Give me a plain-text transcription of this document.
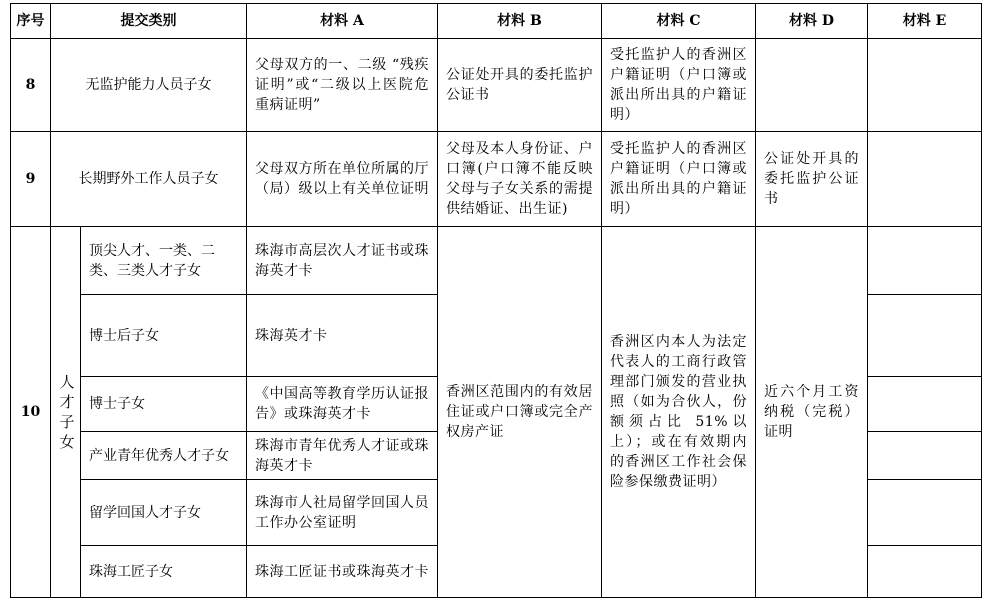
序号	提交类别		材料 A	材料 B	材料 C	材料 D	材料 E
8	无监护能力人员子女		父母双方的一、二级 “残疾证明”或“二级以上医院危重病证明”	公证处开具的委托监护公证书	受托监护人的香洲区户籍证明（户口簿或派出所出具的户籍证明）		
9	长期野外工作人员子女		父母双方所在单位所属的厅（局）级以上有关单位证明	父母及本人身份证、户口簿(户口簿不能反映父母与子女关系的需提供结婚证、出生证)	受托监护人的香洲区户籍证明（户口簿或派出所出具的户籍证明）	公证处开具的委托监护公证书	
10	人才子女	顶尖人才、一类、二类、三类人才子女	珠海市高层次人才证书或珠海英才卡	香洲区范围内的有效居住证或户口簿或完全产权房产证	香洲区内本人为法定代表人的工商行政管理部门颁发的营业执照（如为合伙人，份额须占比 51%以上）；或在有效期内的香洲区工作社会保险参保缴费证明）	近六个月工资纳税（完税）证明	
		博士后子女	珠海英才卡				
		博士子女	《中国高等教育学历认证报告》或珠海英才卡				
		产业青年优秀人才子女	珠海市青年优秀人才证或珠海英才卡				
		留学回国人才子女	珠海市人社局留学回国人员工作办公室证明				
		珠海工匠子女	珠海工匠证书或珠海英才卡				
